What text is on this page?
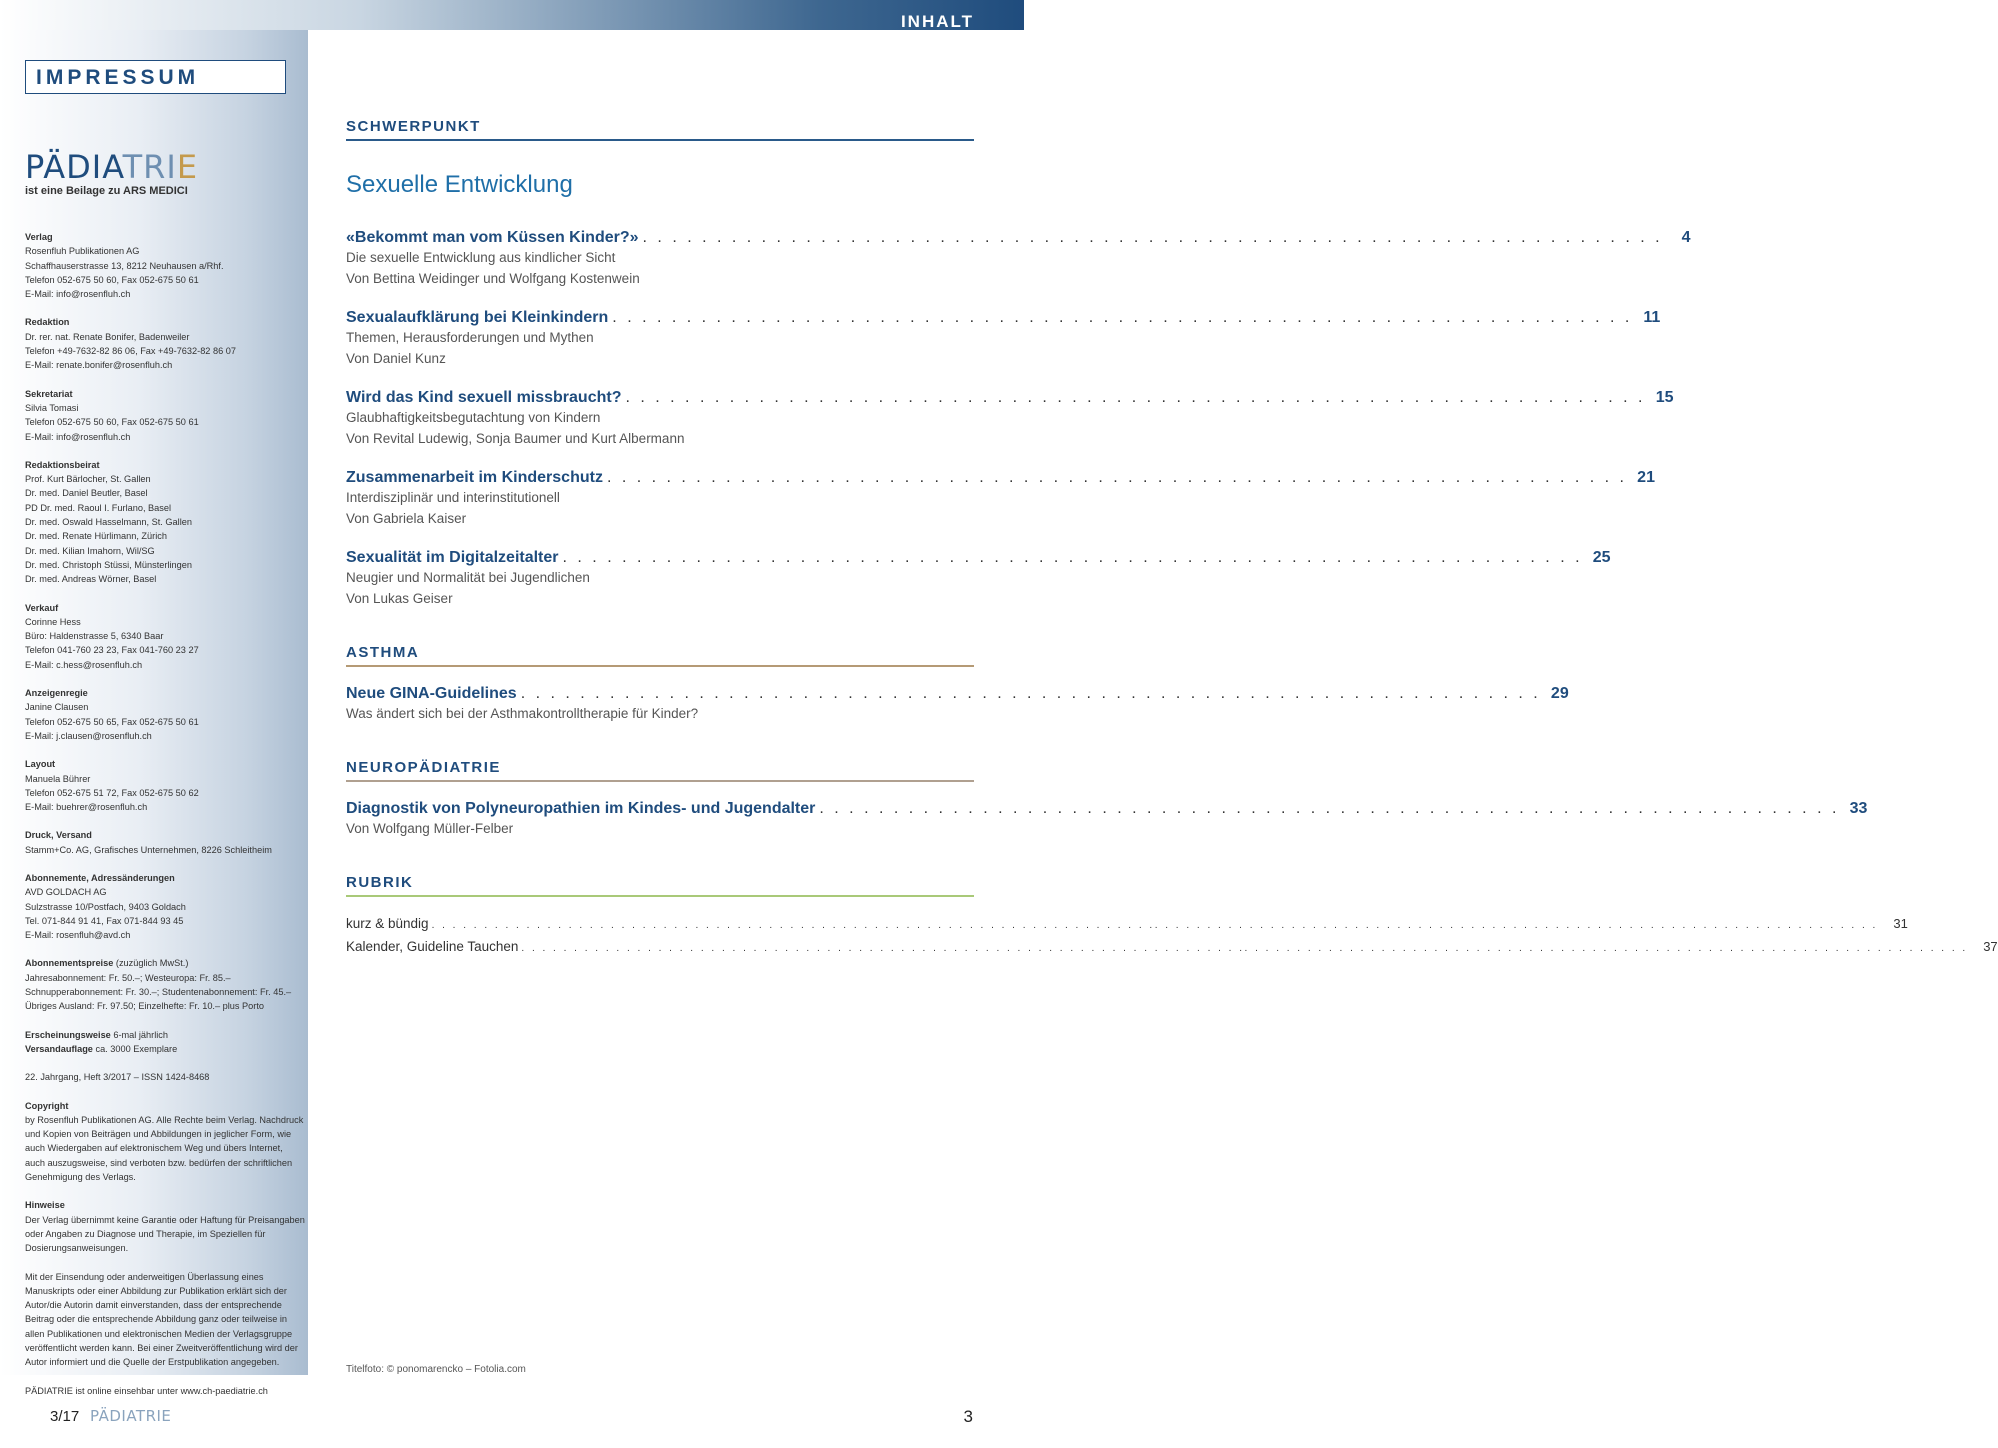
INHALT
IMPRESSUM
PÄDIATRIE
ist eine Beilage zu ARS MEDICI
Verlag
Rosenfluh Publikationen AG
Schaffhauserstrasse 13, 8212 Neuhausen a/Rhf.
Telefon 052-675 50 60, Fax 052-675 50 61
E-Mail: info@rosenfluh.ch
Redaktion
Dr. rer. nat. Renate Bonifer, Badenweiler
Telefon +49-7632-82 86 06, Fax +49-7632-82 86 07
E-Mail: renate.bonifer@rosenfluh.ch
Sekretariat
Silvia Tomasi
Telefon 052-675 50 60, Fax 052-675 50 61
E-Mail: info@rosenfluh.ch
Redaktionsbeirat
Prof. Kurt Bärlocher, St. Gallen
Dr. med. Daniel Beutler, Basel
PD Dr. med. Raoul I. Furlano, Basel
Dr. med. Oswald Hasselmann, St. Gallen
Dr. med. Renate Hürlimann, Zürich
Dr. med. Kilian Imahorn, Wil/SG
Dr. med. Christoph Stüssi, Münsterlingen
Dr. med. Andreas Wörner, Basel
Verkauf
Corinne Hess
Büro: Haldenstrasse 5, 6340 Baar
Telefon 041-760 23 23, Fax 041-760 23 27
E-Mail: c.hess@rosenfluh.ch
Anzeigenregie
Janine Clausen
Telefon 052-675 50 65, Fax 052-675 50 61
E-Mail: j.clausen@rosenfluh.ch
Layout
Manuela Bührer
Telefon 052-675 51 72, Fax 052-675 50 62
E-Mail: buehrer@rosenfluh.ch
Druck, Versand
Stamm+Co. AG, Grafisches Unternehmen, 8226 Schleitheim
Abonnemente, Adressänderungen
AVD GOLDACH AG
Sulzstrasse 10/Postfach, 9403 Goldach
Tel. 071-844 91 41, Fax 071-844 93 45
E-Mail: rosenfluh@avd.ch
Abonnementspreise (zuzüglich MwSt.)
Jahresabonnement: Fr. 50.–; Westeuropa: Fr. 85.–
Schnupperabonnement: Fr. 30.–; Studentenabonnement: Fr. 45.–
Übriges Ausland: Fr. 97.50; Einzelhefte: Fr. 10.– plus Porto
Erscheinungsweise 6-mal jährlich
Versandauflage ca. 3000 Exemplare
22. Jahrgang, Heft 3/2017 – ISSN 1424-8468
Copyright
by Rosenfluh Publikationen AG. Alle Rechte beim Verlag. Nachdruck und Kopien von Beiträgen und Abbildungen in jeglicher Form, wie auch Wiedergaben auf elektronischem Weg und übers Internet, auch auszugsweise, sind verboten bzw. bedürfen der schriftlichen Genehmigung des Verlags.
Hinweise
Der Verlag übernimmt keine Garantie oder Haftung für Preisangaben oder Angaben zu Diagnose und Therapie, im Speziellen für Dosierungsanweisungen.
Mit der Einsendung oder anderweitigen Überlassung eines Manuskripts oder einer Abbildung zur Publikation erklärt sich der Autor/die Autorin damit einverstanden, dass der entsprechende Beitrag oder die entsprechende Abbildung ganz oder teilweise in allen Publikationen und elektronischen Medien der Verlagsgruppe veröffentlicht werden kann. Bei einer Zweitveröffentlichung wird der Autor informiert und die Quelle der Erstpublikation angegeben.
PÄDIATRIE ist online einsehbar unter www.ch-paediatrie.ch
SCHWERPUNKT
Sexuelle Entwicklung
«Bekommt man vom Küssen Kinder?» . . . . . . . . . . . . . . . . . . . . . . . . . . . . . . . . . . . . . . . . . . . . . . . . . . . . . . . . . . . . . . . . . . . . .	4
Die sexuelle Entwicklung aus kindlicher Sicht
Von Bettina Weidinger und Wolfgang Kostenwein
Sexualaufklärung bei Kleinkindern . . . . . . . . . . . . . . . . . . . . . . . . . . . . . . . . . . . . . . . . . . . . . . . . . . . . . . . . . . . . . . . . . . . . . 11
Themen, Herausforderungen und Mythen
Von Daniel Kunz
Wird das Kind sexuell missbraucht? . . . . . . . . . . . . . . . . . . . . . . . . . . . . . . . . . . . . . . . . . . . . . . . . . . . . . . . . . . . . . . . . . . . . . 15
Glaubhaftigkeitsbegutachtung von Kindern
Von Revital Ludewig, Sonja Baumer und Kurt Albermann
Zusammenarbeit im Kinderschutz . . . . . . . . . . . . . . . . . . . . . . . . . . . . . . . . . . . . . . . . . . . . . . . . . . . . . . . . . . . . . . . . . . . . . 21
Interdisziplinär und interinstitutionell
Von Gabriela Kaiser
Sexualität im Digitalzeitalter . . . . . . . . . . . . . . . . . . . . . . . . . . . . . . . . . . . . . . . . . . . . . . . . . . . . . . . . . . . . . . . . . . . . . 25
Neugier und Normalität bei Jugendlichen
Von Lukas Geiser
ASTHMA
Neue GINA-Guidelines . . . . . . . . . . . . . . . . . . . . . . . . . . . . . . . . . . . . . . . . . . . . . . . . . . . . . . . . . . . . . . . . . . . . . 29
Was ändert sich bei der Asthmakontrolltherapie für Kinder?
NEUROPÄDIATRIE
Diagnostik von Polyneuropathien im Kindes- und Jugendalter . . . . . . . . . . . . . . . . . . . . . . . . . . . . . . . . . . . . . . . . . . . . . . . . . . . . . . . . . . . . . . . . . . . . . 33
Von Wolfgang Müller-Felber
RUBRIK
kurz & bündig . . . . . . . . . . . . . . . . . . . . . . . . . . . . . . . . . . . . . . . . . . . . . . . . . . . . . . . . . . . . . . . . . . . . .. . . . . . . . . . . . . . . . . . . . . . . . . . . . . . . . . . . . . . . . . . . . . . . . . . . . . . . . . . . . . . . . . . . . . 31
Kalender, Guideline Tauchen . . . . . . . . . . . . . . . . . . . . . . . . . . . . . . . . . . . . . . . . . . . . . . . . . . . . . . . . . . . . . . . . . . . . .. . . . . . . . . . . . . . . . . . . . . . . . . . . . . . . . . . . . . . . . . . . . . . . . . . . . . . . . . . . . . . . . . . . . . 37
Titelfoto: © ponomarencko – Fotolia.com
3/17 PÄDIATRIE	3
